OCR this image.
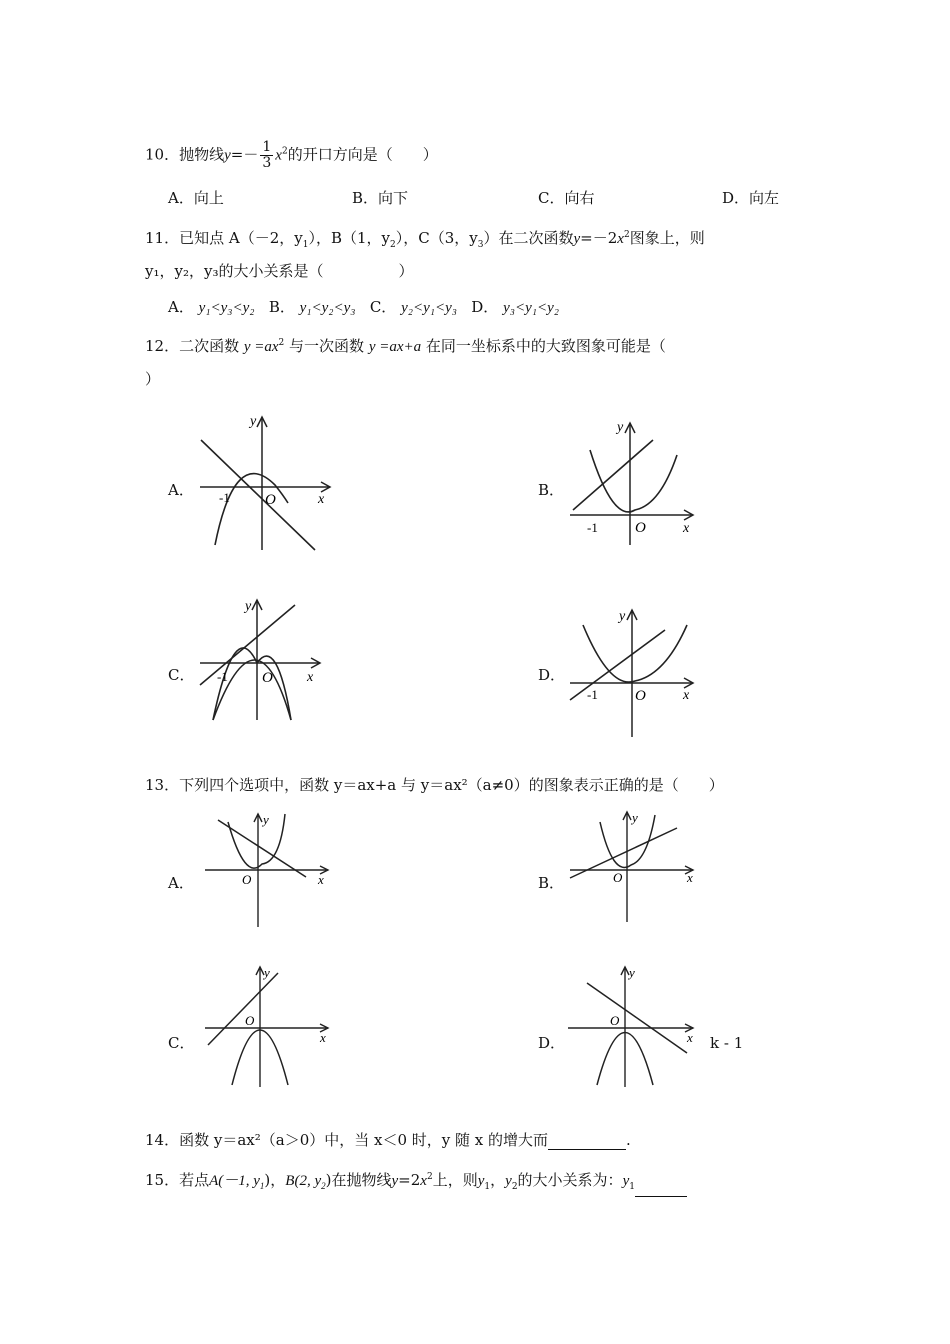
10．抛物线$y=- \frac{1}{3} x^2$的开口方向是（　　）
A．向上	B．向下	C．向右	D．向左
11．已知点 A（－2，$y_1$），B（1，$y_2$），C（3，$y_3$）在二次函数$y=-2x^2$图象上，则
y₁，y₂，y₃的大小关系是（　　　　　）
A． y₁<y₃<y₂ B． y₁<y₂<y₃ C． y₂<y₁<y₃ D． y₃<y₁<y₂
12．二次函数 $y =ax^2$ 与一次函数 y =ax+a 在同一坐标系中的大致图象可能是（
）
A．	B．
C．	D．
-1 O	x
y
-1 O	x
y
-1 O x
y
-1 O	x
y
13．下列四个选项中，函数 y＝ax+a 与 y＝ax²（a≠0）的图象表示正确的是（　　）
A．	B．
C．	D．	k - 1
O	x
y
O	x
y
O
x
y
O
x
y
14．函数 y＝ax²（a＞0）中，当 x＜0 时，y 随 x 的增大而	.
15．若点A(－1, $y_1$)，B(2, $y_2$)在抛物线$y=2x^2$上，则$y_1$，$y_2$的大小关系为：$y_1$
